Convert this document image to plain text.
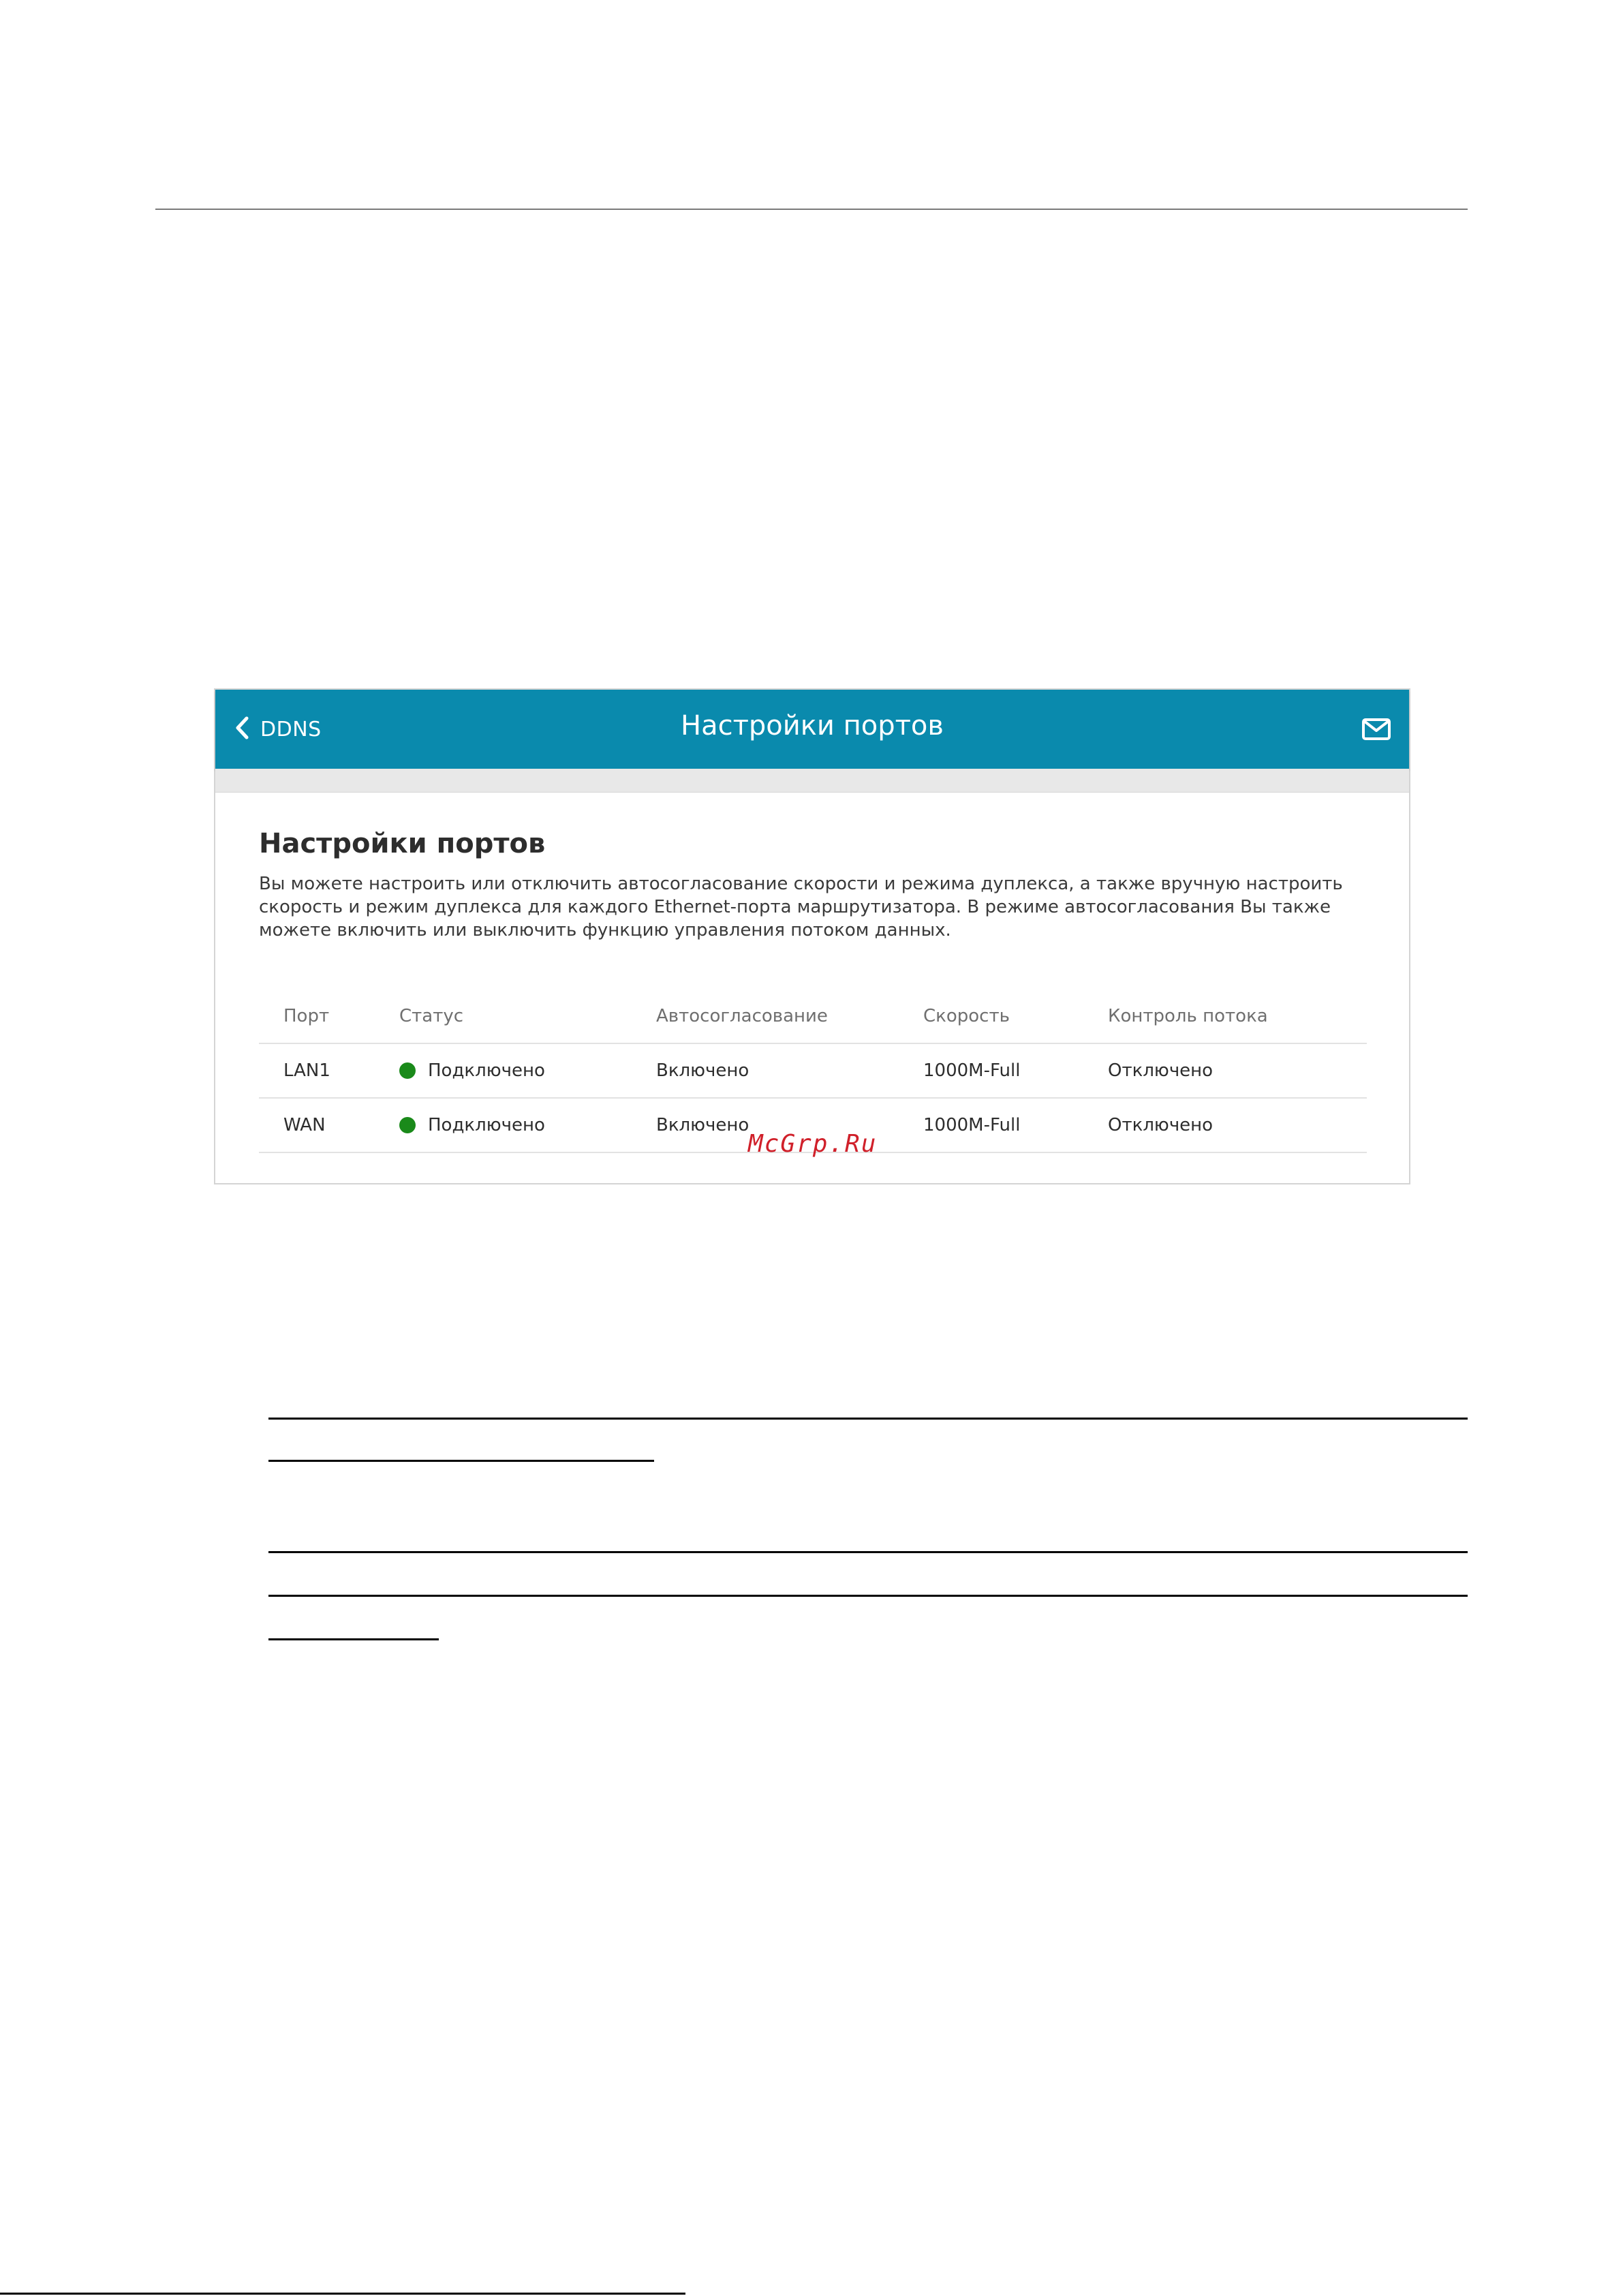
DDNS	Настройки портов
Настройки портов
Вы можете настроить или отключить автосогласование скорости и режима дуплекса, а также вручную настроить скорость и режим дуплекса для каждого Ethernet-порта маршрутизатора. В режиме автосогласования Вы также можете включить или выключить функцию управления потоком данных.
Порт	Статус	Автосогласование	Скорость	Контроль потока
LAN1	Подключено	Включено	1000M-Full	Отключено
WAN	Подключено	Включено	1000M-Full	Отключено
McGrp.Ru
